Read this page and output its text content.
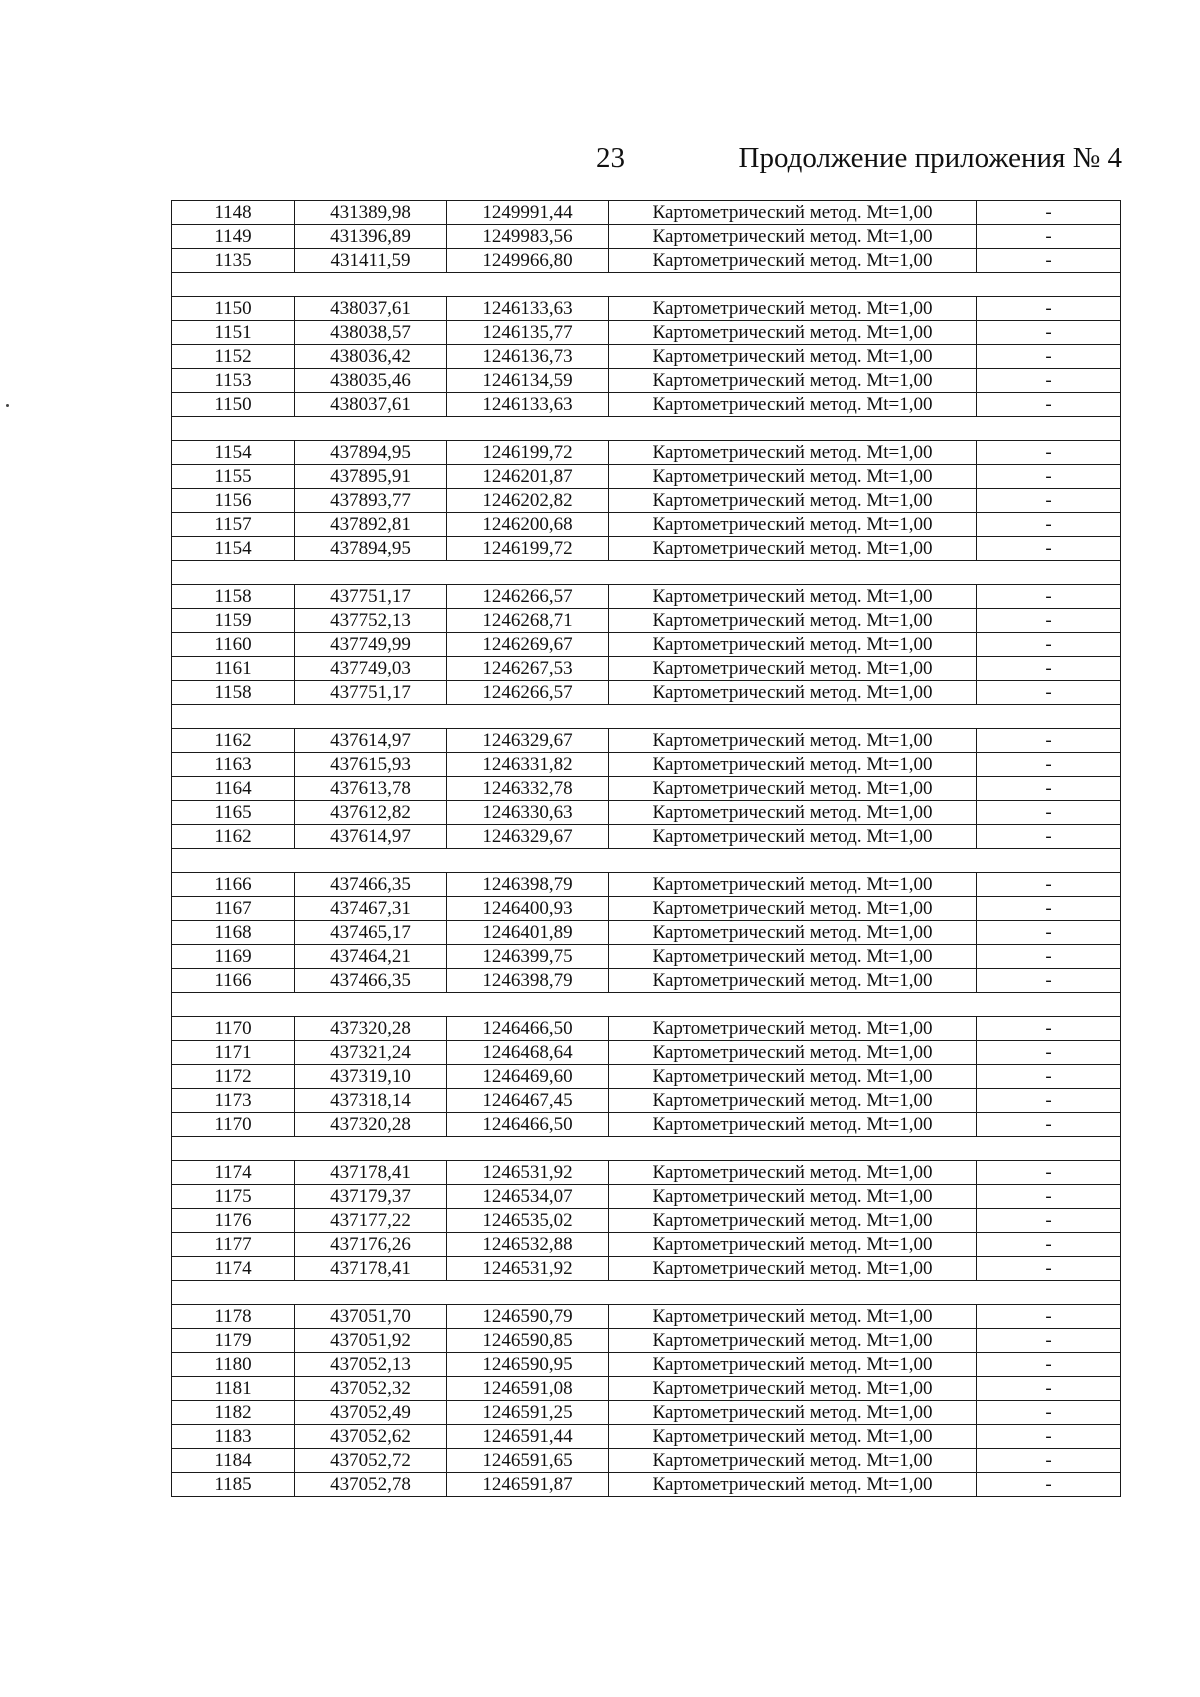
23	Продолжение приложения № 4
1148	431389,98	1249991,44	Картометрический метод. Mt=1,00	-
1149	431396,89	1249983,56	Картометрический метод. Mt=1,00	-
1135	431411,59	1249966,80	Картометрический метод. Mt=1,00	-

1150	438037,61	1246133,63	Картометрический метод. Mt=1,00	-
1151	438038,57	1246135,77	Картометрический метод. Mt=1,00	-
1152	438036,42	1246136,73	Картометрический метод. Mt=1,00	-
1153	438035,46	1246134,59	Картометрический метод. Mt=1,00	-
1150	438037,61	1246133,63	Картометрический метод. Mt=1,00	-

1154	437894,95	1246199,72	Картометрический метод. Mt=1,00	-
1155	437895,91	1246201,87	Картометрический метод. Mt=1,00	-
1156	437893,77	1246202,82	Картометрический метод. Mt=1,00	-
1157	437892,81	1246200,68	Картометрический метод. Mt=1,00	-
1154	437894,95	1246199,72	Картометрический метод. Mt=1,00	-

1158	437751,17	1246266,57	Картометрический метод. Mt=1,00	-
1159	437752,13	1246268,71	Картометрический метод. Mt=1,00	-
1160	437749,99	1246269,67	Картометрический метод. Mt=1,00	-
1161	437749,03	1246267,53	Картометрический метод. Mt=1,00	-
1158	437751,17	1246266,57	Картометрический метод. Mt=1,00	-

1162	437614,97	1246329,67	Картометрический метод. Mt=1,00	-
1163	437615,93	1246331,82	Картометрический метод. Mt=1,00	-
1164	437613,78	1246332,78	Картометрический метод. Mt=1,00	-
1165	437612,82	1246330,63	Картометрический метод. Mt=1,00	-
1162	437614,97	1246329,67	Картометрический метод. Mt=1,00	-

1166	437466,35	1246398,79	Картометрический метод. Mt=1,00	-
1167	437467,31	1246400,93	Картометрический метод. Mt=1,00	-
1168	437465,17	1246401,89	Картометрический метод. Mt=1,00	-
1169	437464,21	1246399,75	Картометрический метод. Mt=1,00	-
1166	437466,35	1246398,79	Картометрический метод. Mt=1,00	-

1170	437320,28	1246466,50	Картометрический метод. Mt=1,00	-
1171	437321,24	1246468,64	Картометрический метод. Mt=1,00	-
1172	437319,10	1246469,60	Картометрический метод. Mt=1,00	-
1173	437318,14	1246467,45	Картометрический метод. Mt=1,00	-
1170	437320,28	1246466,50	Картометрический метод. Mt=1,00	-

1174	437178,41	1246531,92	Картометрический метод. Mt=1,00	-
1175	437179,37	1246534,07	Картометрический метод. Mt=1,00	-
1176	437177,22	1246535,02	Картометрический метод. Mt=1,00	-
1177	437176,26	1246532,88	Картометрический метод. Mt=1,00	-
1174	437178,41	1246531,92	Картометрический метод. Mt=1,00	-

1178	437051,70	1246590,79	Картометрический метод. Mt=1,00	-
1179	437051,92	1246590,85	Картометрический метод. Mt=1,00	-
1180	437052,13	1246590,95	Картометрический метод. Mt=1,00	-
1181	437052,32	1246591,08	Картометрический метод. Mt=1,00	-
1182	437052,49	1246591,25	Картометрический метод. Mt=1,00	-
1183	437052,62	1246591,44	Картометрический метод. Mt=1,00	-
1184	437052,72	1246591,65	Картометрический метод. Mt=1,00	-
1185	437052,78	1246591,87	Картометрический метод. Mt=1,00	-
